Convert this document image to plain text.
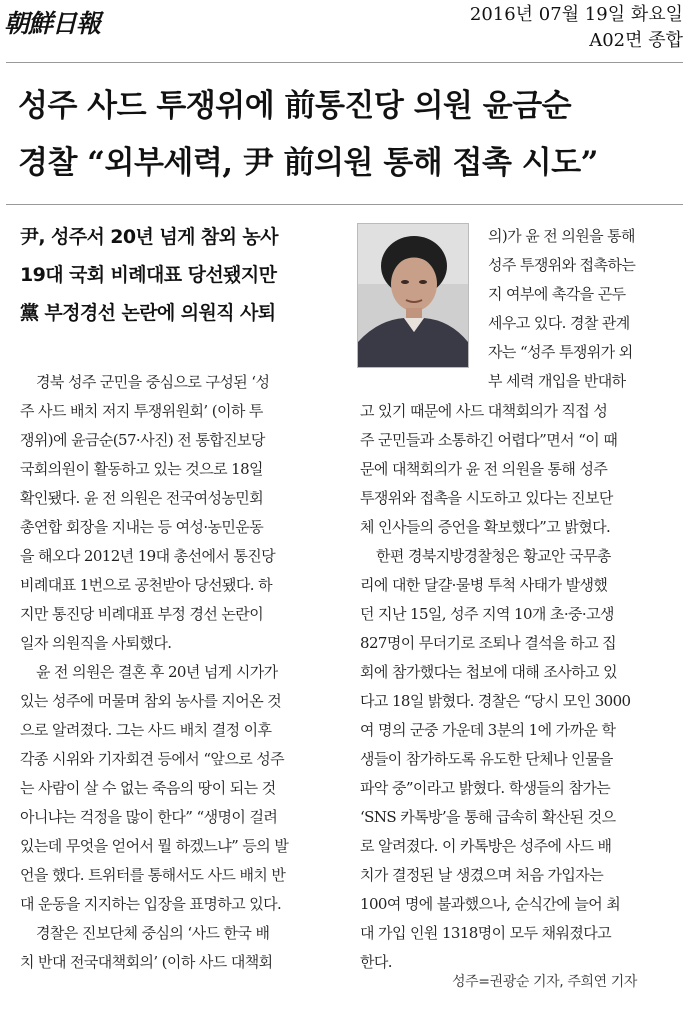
朝鮮日報	2016년 07월 19일 화요일
A02면 종합
성주 사드 투쟁위에 前통진당 의원 윤금순
경찰 “외부세력, 尹 前의원 통해 접촉 시도”
尹, 성주서 20년 넘게 참외 농사
19대 국회 비례대표 당선됐지만
黨 부정경선 논란에 의원직 사퇴
의)가 윤 전 의원을 통해
성주 투쟁위와 접촉하는
지 여부에 촉각을 곤두
세우고 있다. 경찰 관계
자는 “성주 투쟁위가 외
부 세력 개입을 반대하
경북 성주 군민을 중심으로 구성된 ‘성
주 사드 배치 저지 투쟁위원회’ (이하 투
쟁위)에 윤금순(57·사진) 전 통합진보당
국회의원이 활동하고 있는 것으로 18일
확인됐다. 윤 전 의원은 전국여성농민회
총연합 회장을 지내는 등 여성·농민운동
을 해오다 2012년 19대 총선에서 통진당
비례대표 1번으로 공천받아 당선됐다. 하
지만 통진당 비례대표 부정 경선 논란이
일자 의원직을 사퇴했다.
윤 전 의원은 결혼 후 20년 넘게 시가가
있는 성주에 머물며 참외 농사를 지어온 것
으로 알려졌다. 그는 사드 배치 결정 이후
각종 시위와 기자회견 등에서 “앞으로 성주
는 사람이 살 수 없는 죽음의 땅이 되는 것
아니냐는 걱정을 많이 한다” “생명이 걸려
있는데 무엇을 얻어서 뭘 하겠느냐” 등의 발
언을 했다. 트위터를 통해서도 사드 배치 반
대 운동을 지지하는 입장을 표명하고 있다.
경찰은 진보단체 중심의 ‘사드 한국 배
치 반대 전국대책회의’ (이하 사드 대책회
고 있기 때문에 사드 대책회의가 직접 성
주 군민들과 소통하긴 어렵다”면서 “이 때
문에 대책회의가 윤 전 의원을 통해 성주
투쟁위와 접촉을 시도하고 있다는 진보단
체 인사들의 증언을 확보했다”고 밝혔다.
한편 경북지방경찰청은 황교안 국무총
리에 대한 달걀·물병 투척 사태가 발생했
던 지난 15일, 성주 지역 10개 초·중·고생
827명이 무더기로 조퇴나 결석을 하고 집
회에 참가했다는 첩보에 대해 조사하고 있
다고 18일 밝혔다. 경찰은 “당시 모인 3000
여 명의 군중 가운데 3분의 1에 가까운 학
생들이 참가하도록 유도한 단체나 인물을
파악 중”이라고 밝혔다. 학생들의 참가는
‘SNS 카톡방’을 통해 급속히 확산된 것으
로 알려졌다. 이 카톡방은 성주에 사드 배
치가 결정된 날 생겼으며 처음 가입자는
100여 명에 불과했으나, 순식간에 늘어 최
대 가입 인원 1318명이 모두 채워졌다고
한다.
성주=권광순 기자, 주희연 기자
